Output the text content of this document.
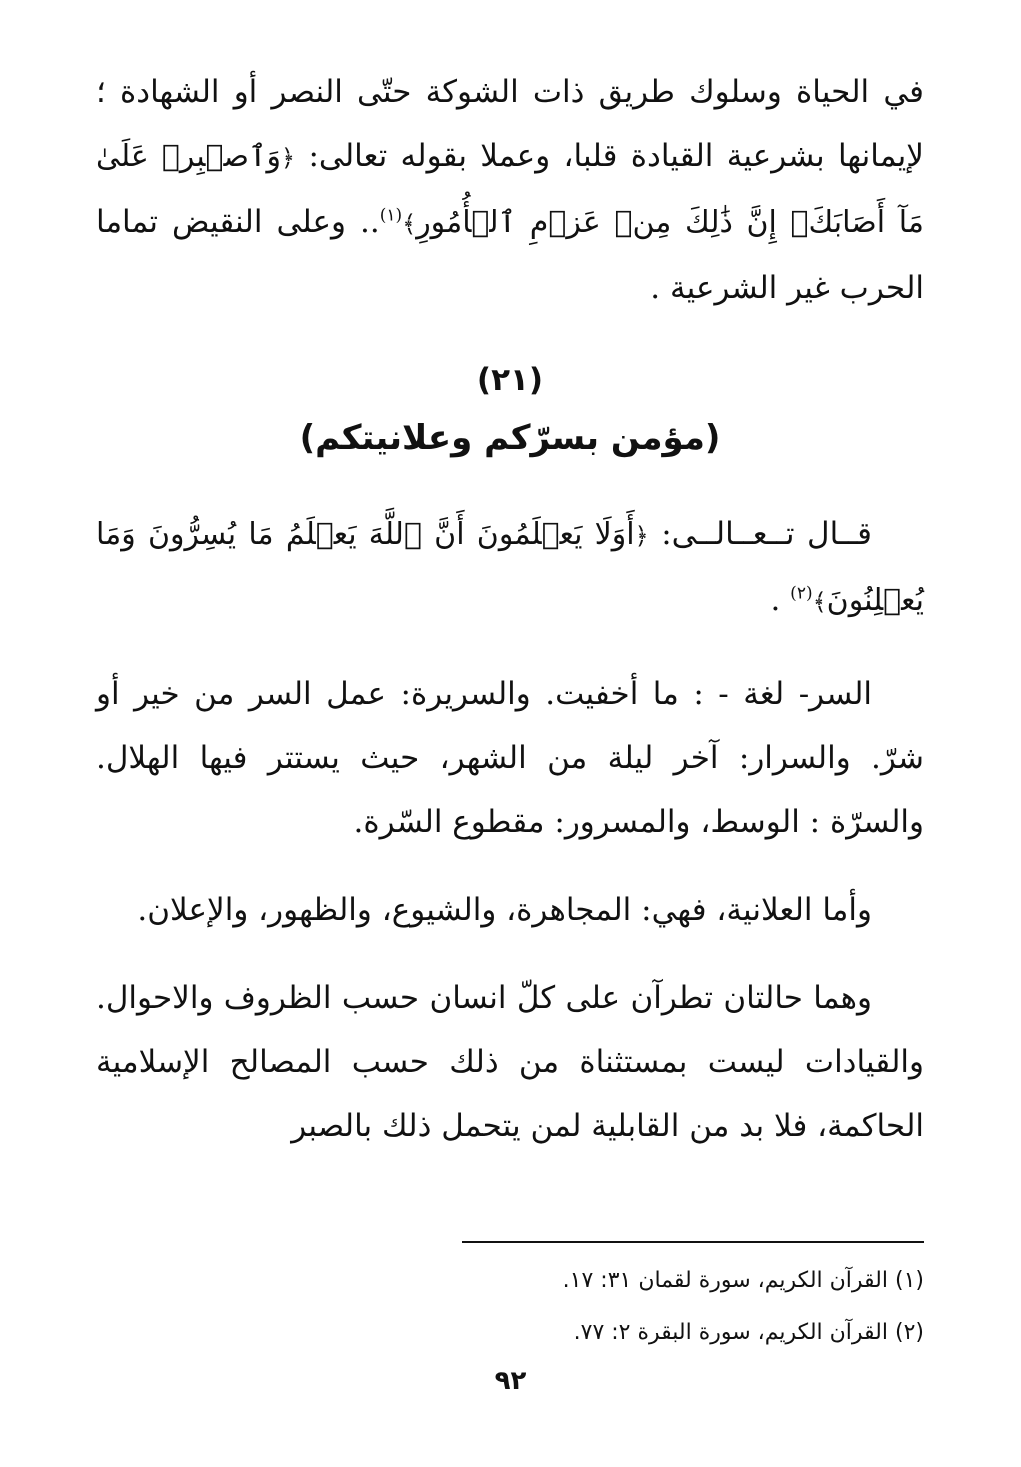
في الحياة وسلوك طريق ذات الشوكة حتّى النصر أو الشهادة ؛ لإيمانها بشرعية القيادة قلبا، وعملا بقوله تعالى: ﴿وَٱصۡبِرۡ عَلَىٰ مَآ أَصَابَكَۖ إِنَّ ذَٰلِكَ مِنۡ عَزۡمِ ٱلۡأُمُورِ﴾$^{(١)}$.. وعلى النقيض تماما الحرب غير الشرعية .

(٢١)

(مؤمن بسرّكم وعلانيتكم)

قــال تــعــالــى: ﴿أَوَلَا يَعۡلَمُونَ أَنَّ ٱللَّهَ يَعۡلَمُ مَا يُسِرُّونَ وَمَا يُعۡلِنُونَ﴾$^{(٢)}$ .

السر- لغة - : ما أخفيت. والسريرة: عمل السر من خير أو شرّ. والسرار: آخر ليلة من الشهر، حيث يستتر فيها الهلال. والسرّة : الوسط، والمسرور: مقطوع السّرة.

وأما العلانية، فهي: المجاهرة، والشيوع، والظهور، والإعلان.

وهما حالتان تطرآن على كلّ انسان حسب الظروف والاحوال. والقيادات ليست بمستثناة من ذلك حسب المصالح الإسلامية الحاكمة، فلا بد من القابلية لمن يتحمل ذلك بالصبر

(١) القرآن الكريم، سورة لقمان ٣١: ١٧.
(٢) القرآن الكريم، سورة البقرة ٢: ٧٧.
٩٢
